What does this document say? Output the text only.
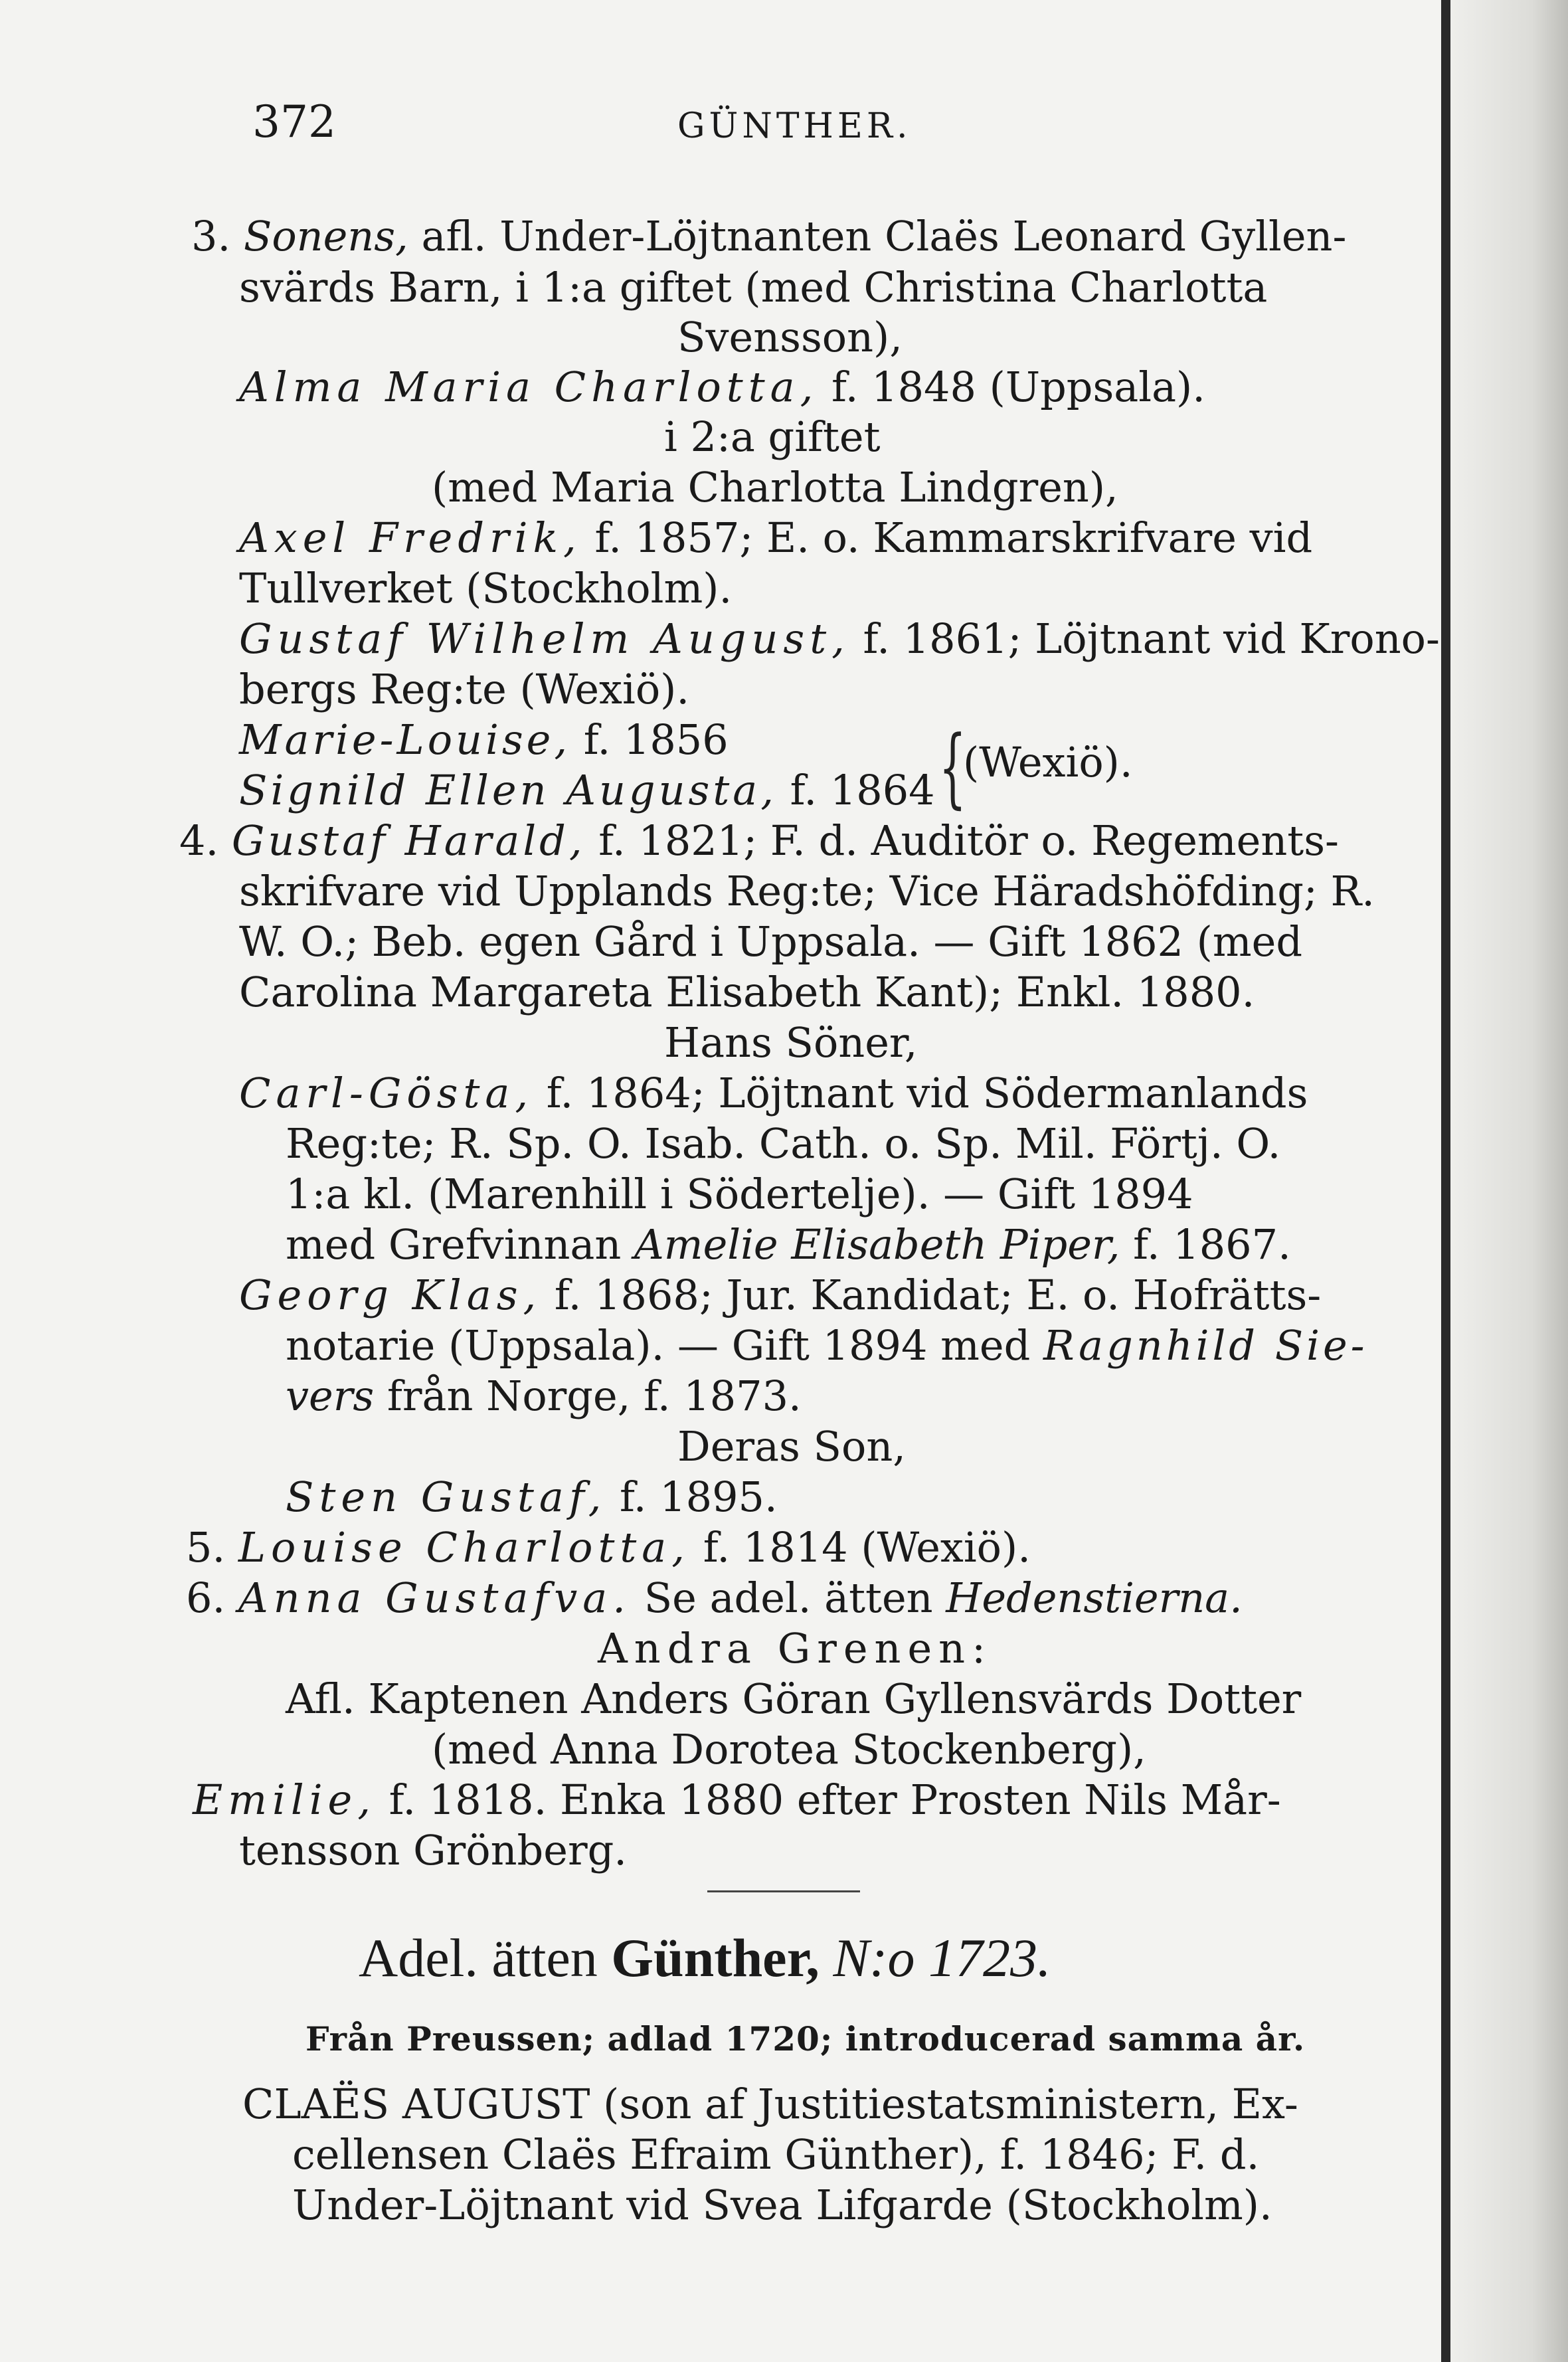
372	GÜNTHER.
3. Sonens, afl. Under-Löjtnanten Claës Leonard Gyllen-
svärds Barn, i 1:a giftet (med Christina Charlotta
Svensson),
Alma Maria Charlotta, f. 1848 (Uppsala).
i 2:a giftet
(med Maria Charlotta Lindgren),
Axel Fredrik, f. 1857; E. o. Kammarskrifvare vid
Tullverket (Stockholm).
Gustaf Wilhelm August, f. 1861; Löjtnant vid Krono-
bergs Reg:te (Wexiö).
Marie-Louise, f. 1856
Signild Ellen Augusta, f. 1864 {
(Wexiö).
4. Gustaf Harald, f. 1821; F. d. Auditör o. Regements-
skrifvare vid Upplands Reg:te; Vice Häradshöfding; R.
W. O.; Beb. egen Gård i Uppsala. — Gift 1862 (med
Carolina Margareta Elisabeth Kant); Enkl. 1880.
Hans Söner,
Carl-Gösta, f. 1864; Löjtnant vid Södermanlands
Reg:te; R. Sp. O. Isab. Cath. o. Sp. Mil. Förtj. O.
1:a kl. (Marenhill i Södertelje). — Gift 1894
med Grefvinnan Amelie Elisabeth Piper, f. 1867.
Georg Klas, f. 1868; Jur. Kandidat; E. o. Hofrätts-
notarie (Uppsala). — Gift 1894 med Ragnhild Sie-
vers från Norge, f. 1873.
Deras Son,
Sten Gustaf, f. 1895.
5. Louise Charlotta, f. 1814 (Wexiö).
6. Anna Gustafva. Se adel. ätten Hedenstierna.
Andra Grenen:
Afl. Kaptenen Anders Göran Gyllensvärds Dotter
(med Anna Dorotea Stockenberg),
Emilie, f. 1818. Enka 1880 efter Prosten Nils Mår-
tensson Grönberg.
Adel. ätten Günther, N:o 1723.
Från Preussen; adlad 1720; introducerad samma år.
CLAËS AUGUST (son af Justitiestatsministern, Ex-
cellensen Claës Efraim Günther), f. 1846; F. d.
Under-Löjtnant vid Svea Lifgarde (Stockholm).
